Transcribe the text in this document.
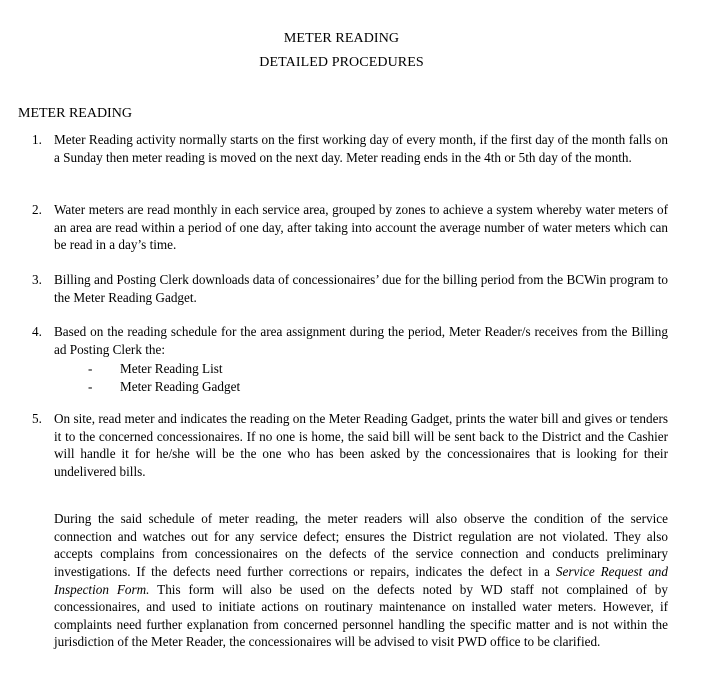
METER READING
DETAILED PROCEDURES
METER READING
1. Meter Reading activity normally starts on the first working day of every month, if the first day of the month falls on a Sunday then meter reading is moved on the next day. Meter reading ends in the 4th or 5th day of the month.

2. Water meters are read monthly in each service area, grouped by zones to achieve a system whereby water meters of an area are read within a period of one day, after taking into account the average number of water meters which can be read in a day’s time.

3. Billing and Posting Clerk downloads data of concessionaires’ due for the billing period from the BCWin program to the Meter Reading Gadget.

4. Based on the reading schedule for the area assignment during the period, Meter Reader/s receives from the Billing ad Posting Clerk the:

- Meter Reading List
- Meter Reading Gadget
5. On site, read meter and indicates the reading on the Meter Reading Gadget, prints the water bill and gives or tenders it to the concerned concessionaires. If no one is home, the said bill will be sent back to the District and the Cashier will handle it for he/she will be the one who has been asked by the concessionaires that is looking for their undelivered bills.

During the said schedule of meter reading, the meter readers will also observe the condition of the service connection and watches out for any service defect; ensures the District regulation are not violated. They also accepts complains from concessionaires on the defects of the service connection and conducts preliminary investigations. If the defects need further corrections or repairs, indicates the defect in a Service Request and Inspection Form. This form will also be used on the defects noted by WD staff not complained of by concessionaires, and used to initiate actions on routinary maintenance on installed water meters. However, if complaints need further explanation from concerned personnel handling the specific matter and is not within the jurisdiction of the Meter Reader, the concessionaires will be advised to visit PWD office to be clarified.
